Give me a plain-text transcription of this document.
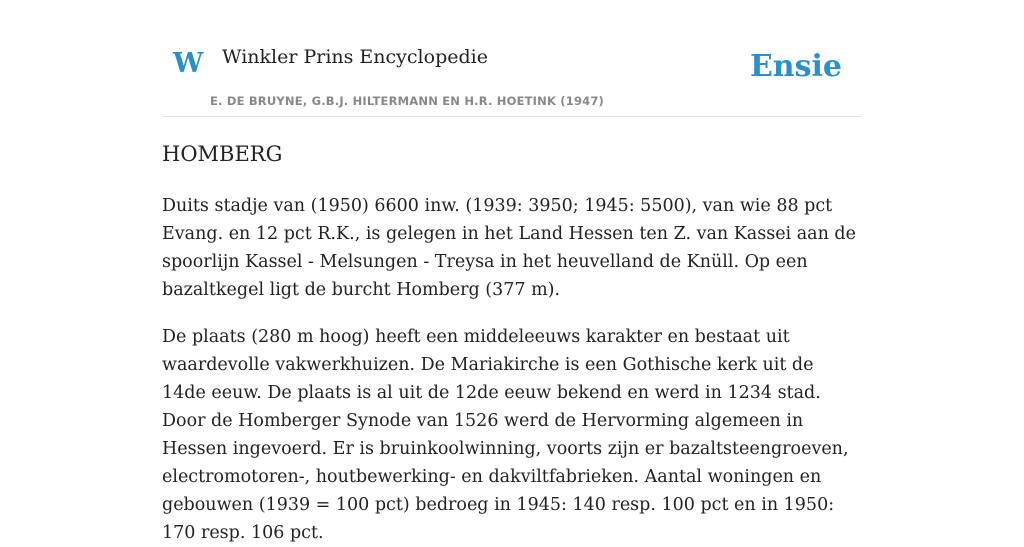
W Winkler Prins Encyclopedie
E. DE BRUYNE, G.B.J. HILTERMANN EN H.R. HOETINK (1947)
Ensie
HOMBERG

Duits stadje van (1950) 6600 inw. (1939: 3950; 1945: 5500), van wie 88 pct Evang. en 12 pct R.K., is gelegen in het Land Hessen ten Z. van Kassei aan de spoorlijn Kassel - Melsungen - Treysa in het heuvelland de Knüll. Op een bazaltkegel ligt de burcht Homberg (377 m).

De plaats (280 m hoog) heeft een middeleeuws karakter en bestaat uit waardevolle vakwerkhuizen. De Mariakirche is een Gothische kerk uit de 14de eeuw. De plaats is al uit de 12de eeuw bekend en werd in 1234 stad. Door de Homberger Synode van 1526 werd de Hervorming algemeen in Hessen ingevoerd. Er is bruinkoolwinning, voorts zijn er bazaltsteengroeven, electromotoren-, houtbewerking- en dakviltfabrieken. Aantal woningen en gebouwen (1939 = 100 pct) bedroeg in 1945: 140 resp. 100 pct en in 1950: 170 resp. 106 pct.
